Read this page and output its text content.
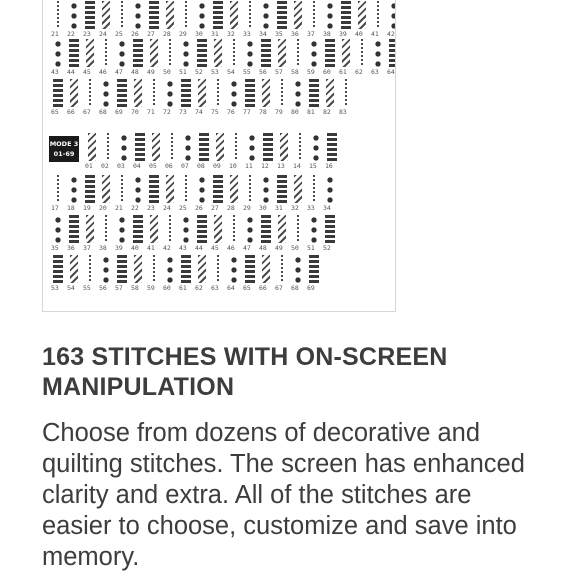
21	22	23	24	25	26	27	28	29	30	31	32	33	34	35	36	37	38	39	40	41	42
43	44	45	46	47	48	49	50	51	52	53	54	55	56	57	58	59	60	61	62	63	64
65	66	67	68	69	70	71	72	73	74	75	76	77	78	79	80	81	82	83
MODE 3
01-69
01	02	03	04	05	06	07	08	09	10	11	12	13	14	15	16
17	18	19	20	21	22	23	24	25	26	27	28	29	30	31	32	33	34
35	36	37	38	39	40	41	42	43	44	45	46	47	48	49	50	51	52
53	54	55	56	57	58	59	60	61	62	63	64	65	66	67	68	69
163 STITCHES WITH ON-SCREEN MANIPULATION

Choose from dozens of decorative and quilting stitches. The screen has enhanced clarity and extra. All of the stitches are easier to choose, customize and save into memory.
